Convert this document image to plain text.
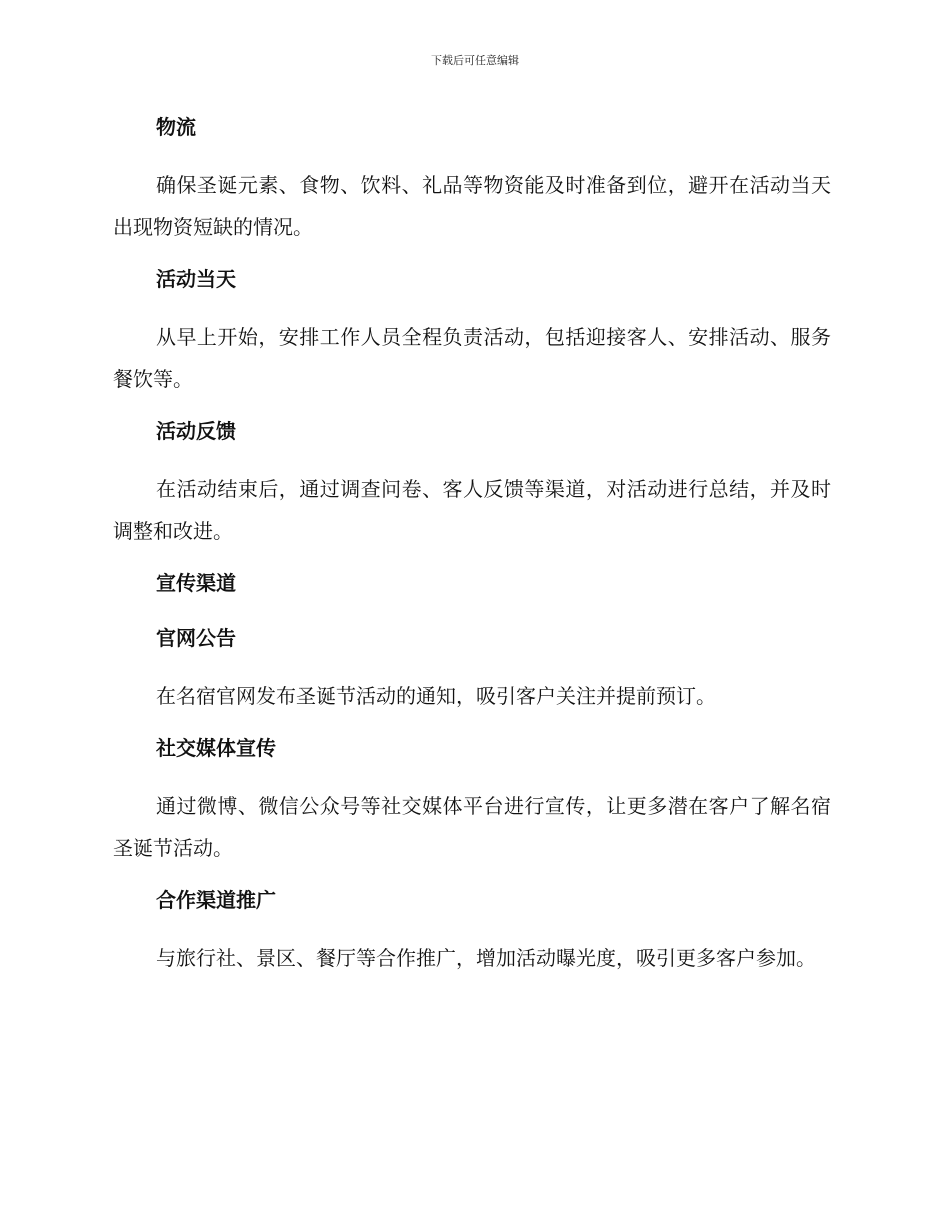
下载后可任意编辑
物流

确保圣诞元素、食物、饮料、礼品等物资能及时准备到位，避开在活动当天出现物资短缺的情况。

活动当天

从早上开始，安排工作人员全程负责活动，包括迎接客人、安排活动、服务餐饮等。

活动反馈

在活动结束后，通过调查问卷、客人反馈等渠道，对活动进行总结，并及时调整和改进。

宣传渠道
官网公告

在名宿官网发布圣诞节活动的通知，吸引客户关注并提前预订。

社交媒体宣传

通过微博、微信公众号等社交媒体平台进行宣传，让更多潜在客户了解名宿圣诞节活动。

合作渠道推广

与旅行社、景区、餐厅等合作推广，增加活动曝光度，吸引更多客户参加。
